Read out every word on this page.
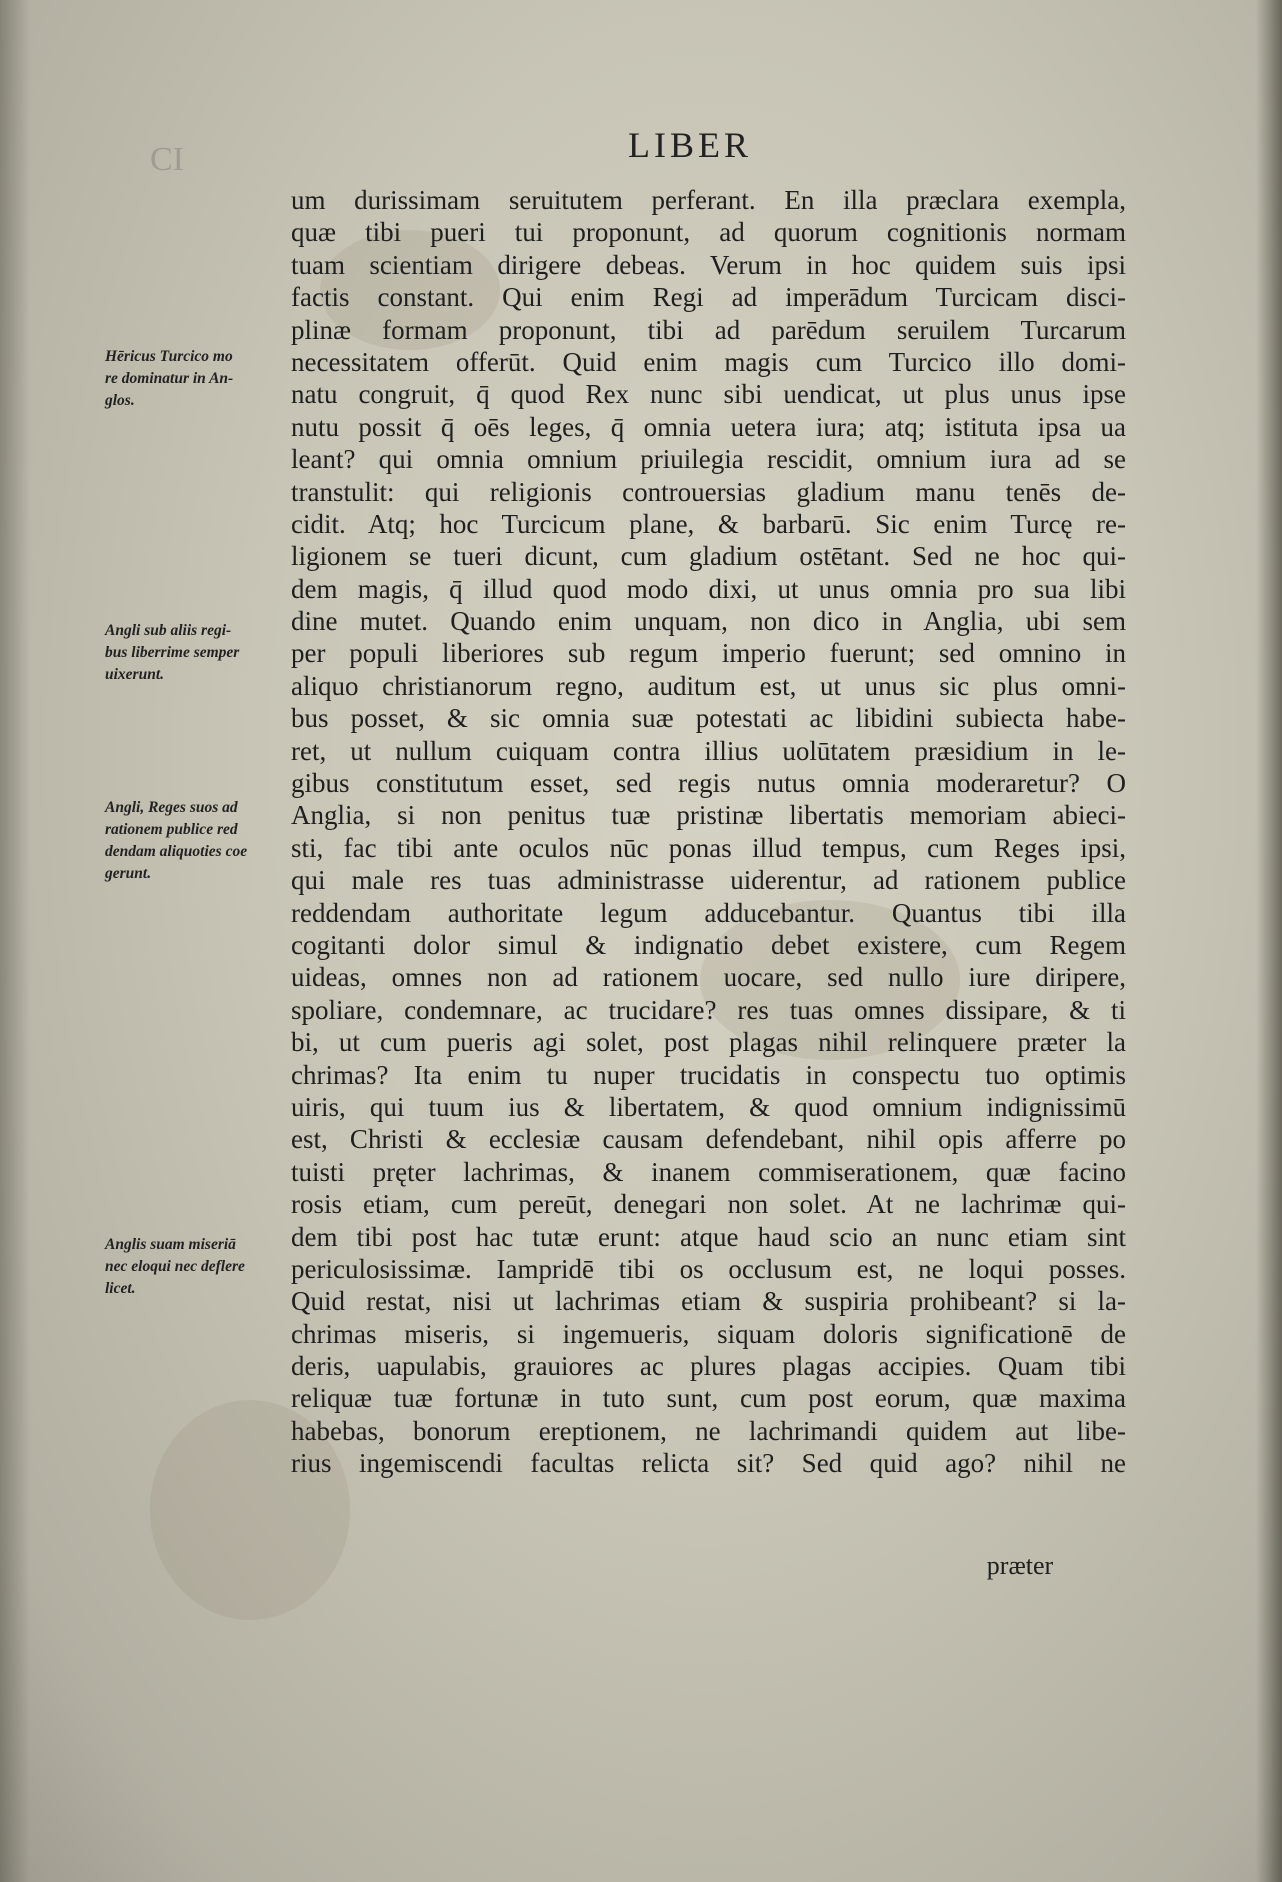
CI	LIBER
um durissimam seruitutem perferant. En illa præclara exempla,
quæ tibi pueri tui proponunt, ad quorum cognitionis normam
tuam scientiam dirigere debeas. Verum in hoc quidem suis ipsi
factis constant. Qui enim Regi ad imperādum Turcicam disci-
plinæ formam proponunt, tibi ad parēdum seruilem Turcarum
necessitatem offerūt. Quid enim magis cum Turcico illo domi-
natu congruit, q̄ quod Rex nunc sibi uendicat, ut plus unus ipse
nutu possit q̄ oēs leges, q̄ omnia uetera iura; atq; istituta ipsa ua
leant? qui omnia omnium priuilegia rescidit, omnium iura ad se
transtulit: qui religionis controuersias gladium manu tenēs de-
cidit. Atq; hoc Turcicum plane, & barbarū. Sic enim Turcę re-
ligionem se tueri dicunt, cum gladium ostētant. Sed ne hoc qui-
dem magis, q̄ illud quod modo dixi, ut unus omnia pro sua libi
dine mutet. Quando enim unquam, non dico in Anglia, ubi sem
per populi liberiores sub regum imperio fuerunt; sed omnino in
aliquo christianorum regno, auditum est, ut unus sic plus omni-
bus posset, & sic omnia suæ potestati ac libidini subiecta habe-
ret, ut nullum cuiquam contra illius uolūtatem præsidium in le-
gibus constitutum esset, sed regis nutus omnia moderaretur? O
Anglia, si non penitus tuæ pristinæ libertatis memoriam abieci-
sti, fac tibi ante oculos nūc ponas illud tempus, cum Reges ipsi,
qui male res tuas administrasse uiderentur, ad rationem publice
reddendam authoritate legum adducebantur. Quantus tibi illa
cogitanti dolor simul & indignatio debet existere, cum Regem
uideas, omnes non ad rationem uocare, sed nullo iure diripere,
spoliare, condemnare, ac trucidare? res tuas omnes dissipare, & ti
bi, ut cum pueris agi solet, post plagas nihil relinquere præter la
chrimas? Ita enim tu nuper trucidatis in conspectu tuo optimis
uiris, qui tuum ius & libertatem, & quod omnium indignissimū
est, Christi & ecclesiæ causam defendebant, nihil opis afferre po
tuisti pręter lachrimas, & inanem commiserationem, quæ facino
rosis etiam, cum pereūt, denegari non solet. At ne lachrimæ qui-
dem tibi post hac tutæ erunt: atque haud scio an nunc etiam sint
periculosissimæ. Iampridē tibi os occlusum est, ne loqui posses.
Quid restat, nisi ut lachrimas etiam & suspiria prohibeant? si la-
chrimas miseris, si ingemueris, siquam doloris significationē de
deris, uapulabis, grauiores ac plures plagas accipies. Quam tibi
reliquæ tuæ fortunæ in tuto sunt, cum post eorum, quæ maxima
habebas, bonorum ereptionem, ne lachrimandi quidem aut libe-
rius ingemiscendi facultas relicta sit? Sed quid ago? nihil ne
præter
Hēricus Turcico mo
re dominatur in An-
glos.
Angli sub aliis regi-
bus liberrime semper
uixerunt.
Angli, Reges suos ad
rationem publice red
dendam aliquoties coe
gerunt.
Anglis suam miseriā
nec eloqui nec deflere
licet.
